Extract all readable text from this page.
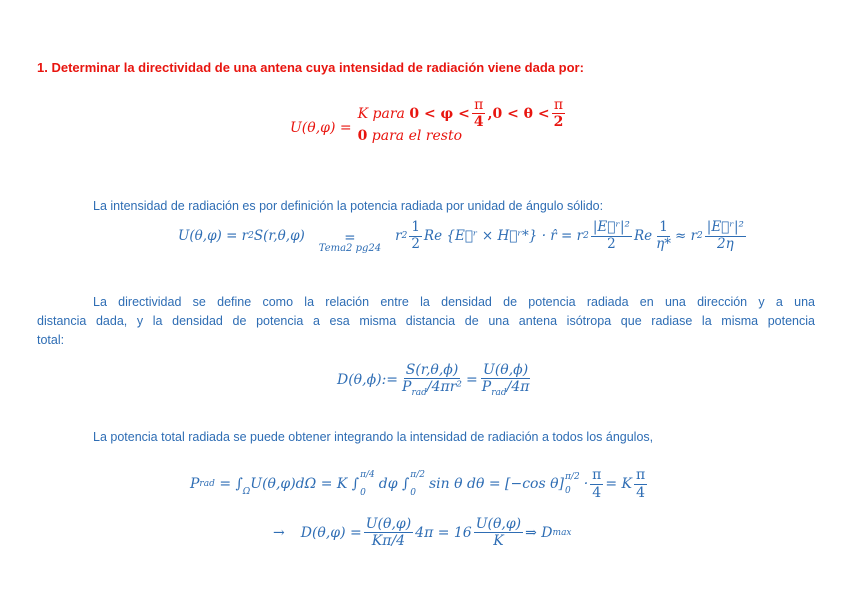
1. Determinar la directividad de una antena cuya intensidad de radiación viene dada por:
U(θ,φ) =
K
para
$0 < \varphi < \frac{\pi}{4} ,0 < \theta < \frac{\pi}{2}$
0 para el resto
La intensidad de radiación es por definición la potencia radiada por unidad de ángulo sólido:
U(θ,φ) = r 2 S(r,θ,φ)	=
Tema2 pg24
r $2 \frac{1}{2}$ Re
{E⃗ʳ × H⃗ʳ*} · r̂ = r $2 \frac{\text{|E⃗ʳ|²}}{2}$ Re $\frac{1}{\eta*} \approx r$ $2 \frac{\text{|E⃗ʳ|²}}{2\eta}$
La directividad se define como la relación entre la densidad de potencia radiada en una dirección y a una
distancia dada, y la densidad de potencia a esa misma distancia de una antena isótropa que radiase la misma potencia
total:
D(θ,ϕ):= $\frac{S(r,\theta,\phi)}{P_{rad}/4\pi r^2} = \frac{U(\theta,\phi)}{P_{rad}/4\pi}$
La potencia total radiada se puede obtener integrando la intensidad de radiación a todos los ángulos,
P rad
= $\int_\Omega$ U(θ,φ)dΩ = K ∫
π/4
0
dφ ∫
π/2
0
sin θ dθ = [−cos θ] π/2
$0 \cdot \frac{\pi}{4} = K \frac{\pi}{4}$
→ $D(\theta,\varphi) = \frac{U(\theta,\varphi)}{K\pi/4} 4\pi = 16 \frac{U(\theta,\varphi)}{K}$ ⇒ D max
